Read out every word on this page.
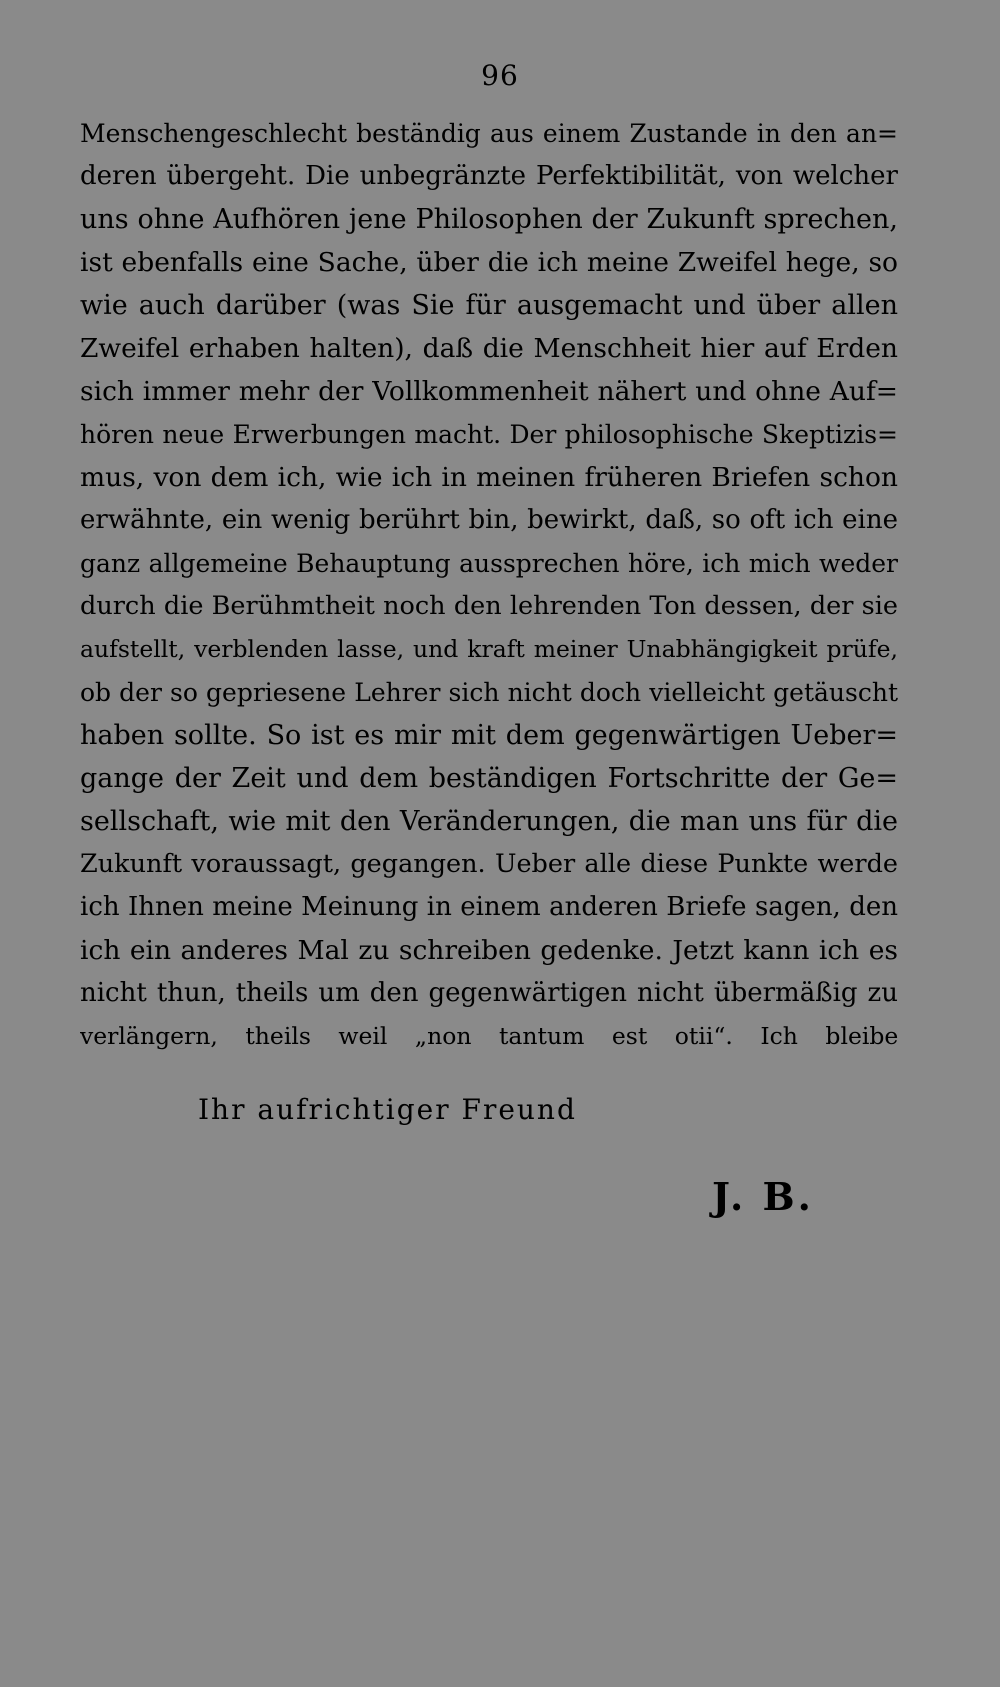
96
Menschengeschlecht beständig aus einem Zustande in den an=
deren übergeht. Die unbegränzte Perfektibilität, von welcher
uns ohne Aufhören jene Philosophen der Zukunft sprechen,
ist ebenfalls eine Sache, über die ich meine Zweifel hege, so
wie auch darüber (was Sie für ausgemacht und über allen
Zweifel erhaben halten), daß die Menschheit hier auf Erden
sich immer mehr der Vollkommenheit nähert und ohne Auf=
hören neue Erwerbungen macht. Der philosophische Skeptizis=
mus, von dem ich, wie ich in meinen früheren Briefen schon
erwähnte, ein wenig berührt bin, bewirkt, daß, so oft ich eine
ganz allgemeine Behauptung aussprechen höre, ich mich weder
durch die Berühmtheit noch den lehrenden Ton dessen, der sie
aufstellt, verblenden lasse, und kraft meiner Unabhängigkeit prüfe,
ob der so gepriesene Lehrer sich nicht doch vielleicht getäuscht
haben sollte. So ist es mir mit dem gegenwärtigen Ueber=
gange der Zeit und dem beständigen Fortschritte der Ge=
sellschaft, wie mit den Veränderungen, die man uns für die
Zukunft voraussagt, gegangen. Ueber alle diese Punkte werde
ich Ihnen meine Meinung in einem anderen Briefe sagen, den
ich ein anderes Mal zu schreiben gedenke. Jetzt kann ich es
nicht thun, theils um den gegenwärtigen nicht übermäßig zu
verlängern, theils weil „non tantum est otii“. Ich bleibe
Ihr aufrichtiger Freund
J. B.
